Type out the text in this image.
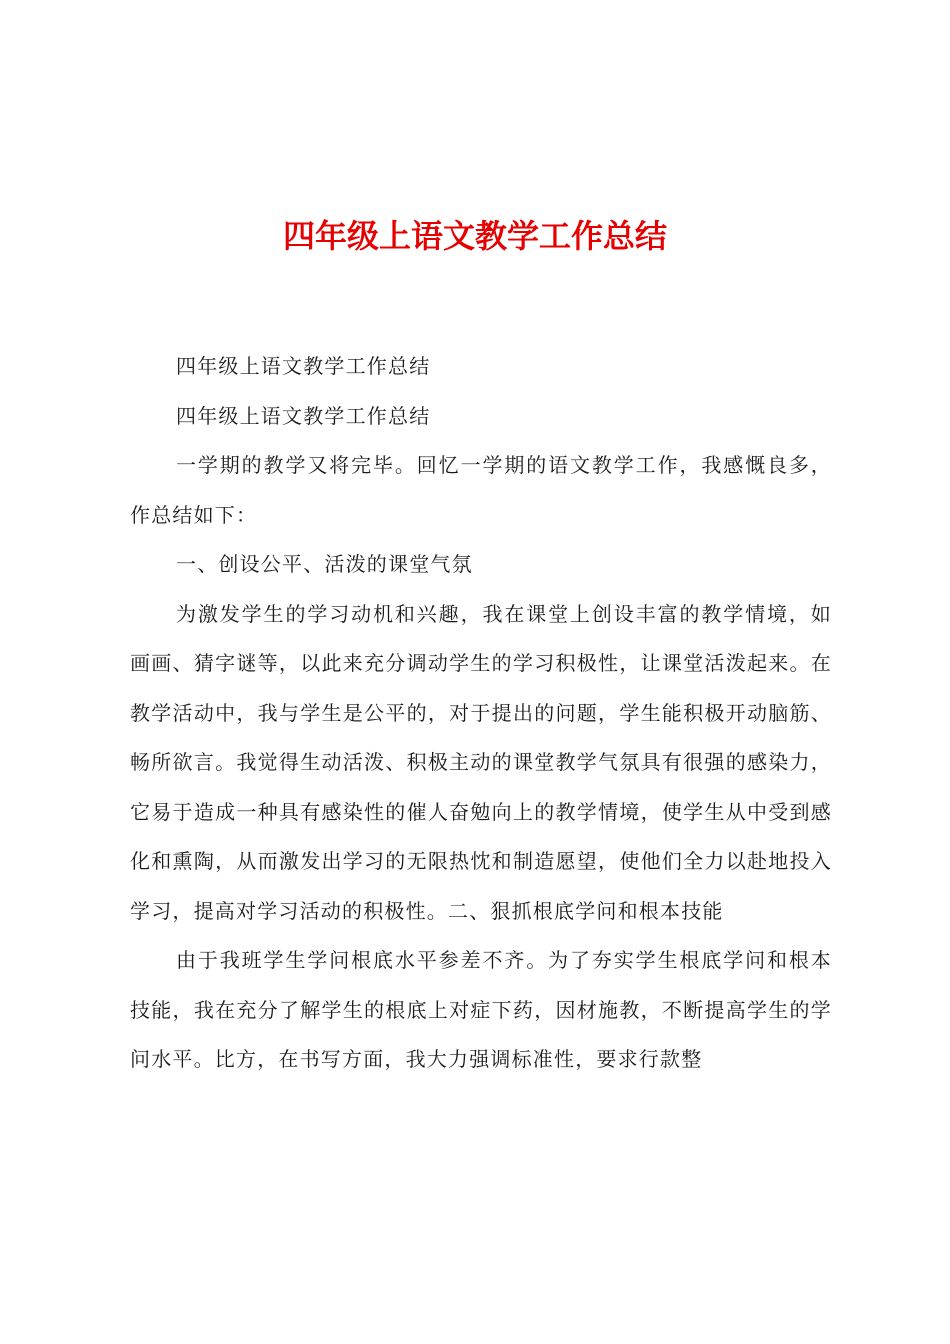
四年级上语文教学工作总结

四年级上语文教学工作总结

四年级上语文教学工作总结

一学期的教学又将完毕。回忆一学期的语文教学工作，我感慨良多，作总结如下：

一、创设公平、活泼的课堂气氛

为激发学生的学习动机和兴趣，我在课堂上创设丰富的教学情境，如画画、猜字谜等，以此来充分调动学生的学习积极性，让课堂活泼起来。在教学活动中，我与学生是公平的，对于提出的问题，学生能积极开动脑筋、畅所欲言。我觉得生动活泼、积极主动的课堂教学气氛具有很强的感染力，它易于造成一种具有感染性的催人奋勉向上的教学情境，使学生从中受到感化和熏陶，从而激发出学习的无限热忱和制造愿望，使他们全力以赴地投入学习，提高对学习活动的积极性。二、狠抓根底学问和根本技能

由于我班学生学问根底水平参差不齐。为了夯实学生根底学问和根本技能，我在充分了解学生的根底上对症下药，因材施教，不断提高学生的学问水平。比方，在书写方面，我大力强调标准性，要求行款整
